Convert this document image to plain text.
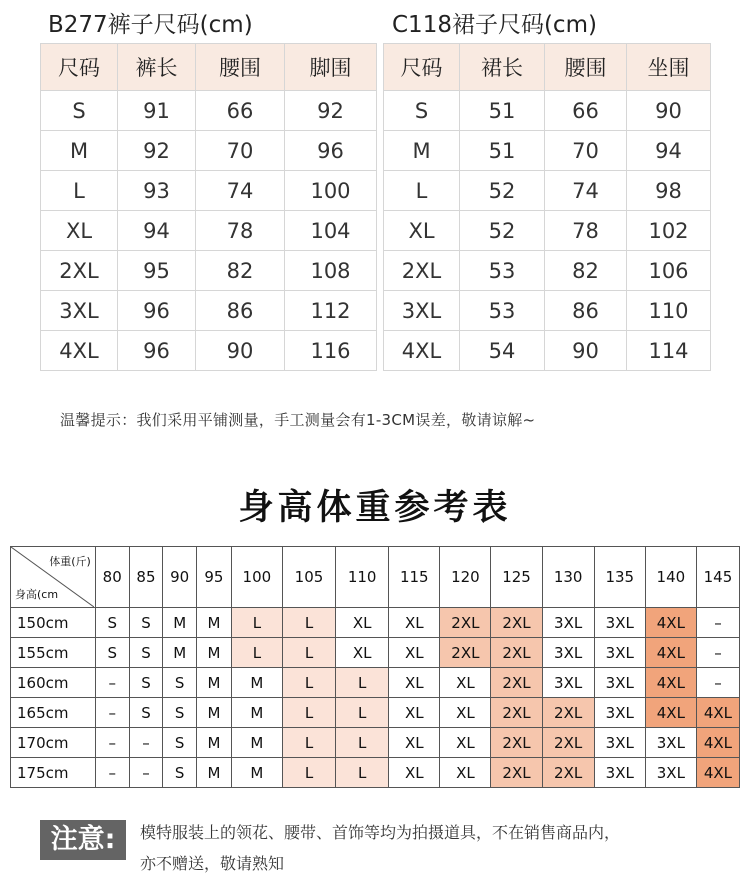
B277裤子尺码(cm)
尺码	裤长	腰围	脚围
S	91	66	92
M	92	70	96
L	93	74	100
XL	94	78	104
2XL	95	82	108
3XL	96	86	112
4XL	96	90	116
C118裙子尺码(cm)
尺码	裙长	腰围	坐围
S	51	66	90
M	51	70	94
L	52	74	98
XL	52	78	102
2XL	53	82	106
3XL	53	86	110
4XL	54	90	114
温馨提示：我们采用平铺测量，手工测量会有1-3CM误差，敬请谅解~
身高体重参考表
体重(斤)
身高(cm	80	85	90	95	100	105	110	115	120	125	130	135	140	145
150cm	S	S	M	M	L	L	XL	XL	2XL	2XL	3XL	3XL	4XL	–
155cm	S	S	M	M	L	L	XL	XL	2XL	2XL	3XL	3XL	4XL	–
160cm	–	S	S	M	M	L	L	XL	XL	2XL	3XL	3XL	4XL	–
165cm	–	S	S	M	M	L	L	XL	XL	2XL	2XL	3XL	4XL	4XL
170cm	–	–	S	M	M	L	L	XL	XL	2XL	2XL	3XL	3XL	4XL
175cm	–	–	S	M	M	L	L	XL	XL	2XL	2XL	3XL	3XL	4XL
注意:	模特服装上的领花、腰带、首饰等均为拍摄道具，不在销售商品内，
亦不赠送，敬请熟知
